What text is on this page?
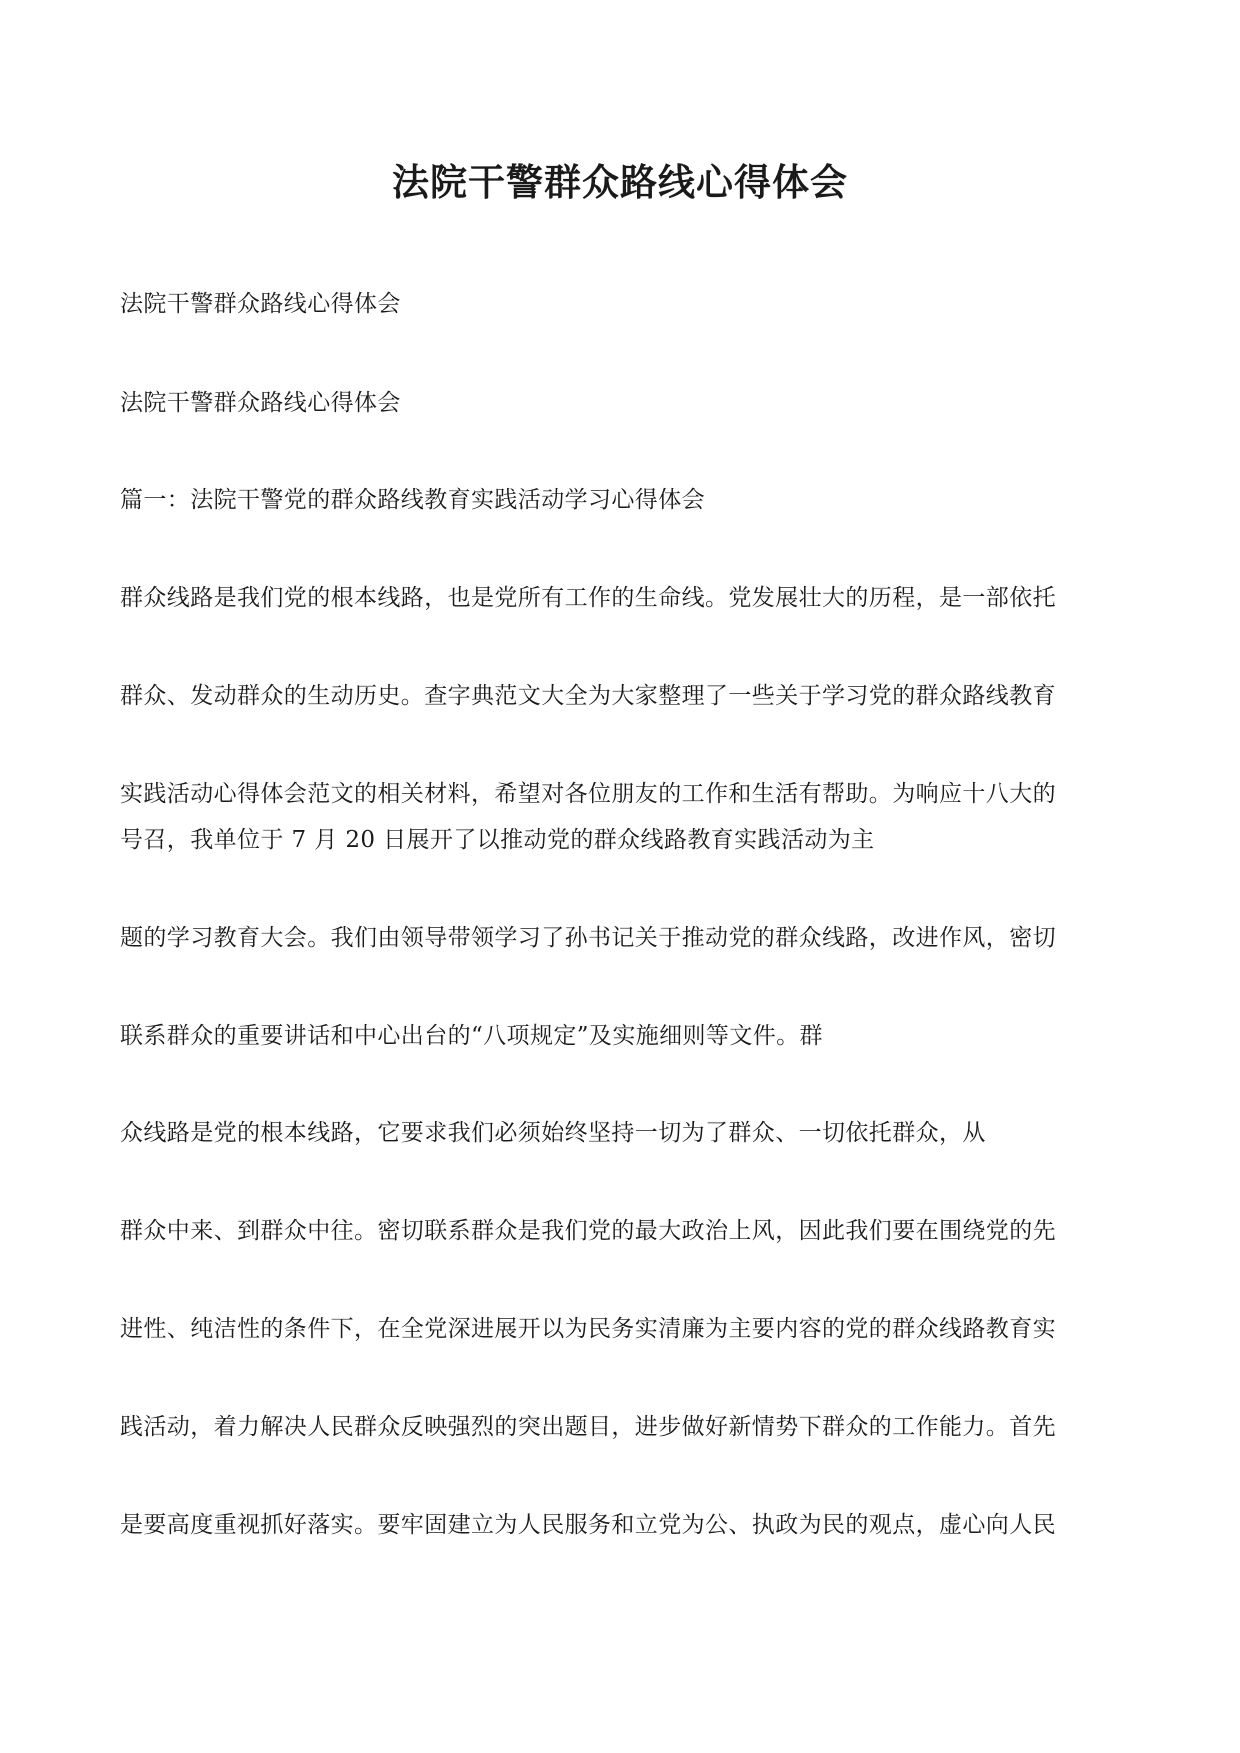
法院干警群众路线心得体会

法院干警群众路线心得体会

法院干警群众路线心得体会

篇一：法院干警党的群众路线教育实践活动学习心得体会

群众线路是我们党的根本线路，也是党所有工作的生命线。党发展壮大的历程，是一部依托

群众、发动群众的生动历史。查字典范文大全为大家整理了一些关于学习党的群众路线教育

实践活动心得体会范文的相关材料，希望对各位朋友的工作和生活有帮助。为响应十八大的

号召，我单位于 7 月 20 日展开了以推动党的群众线路教育实践活动为主

题的学习教育大会。我们由领导带领学习了孙书记关于推动党的群众线路，改进作风，密切

联系群众的重要讲话和中心出台的“八项规定”及实施细则等文件。群

众线路是党的根本线路，它要求我们必须始终坚持一切为了群众、一切依托群众，从

群众中来、到群众中往。密切联系群众是我们党的最大政治上风，因此我们要在围绕党的先

进性、纯洁性的条件下，在全党深进展开以为民务实清廉为主要内容的党的群众线路教育实

践活动，着力解决人民群众反映强烈的突出题目，进步做好新情势下群众的工作能力。首先

是要高度重视抓好落实。要牢固建立为人民服务和立党为公、执政为民的观点，虚心向人民
